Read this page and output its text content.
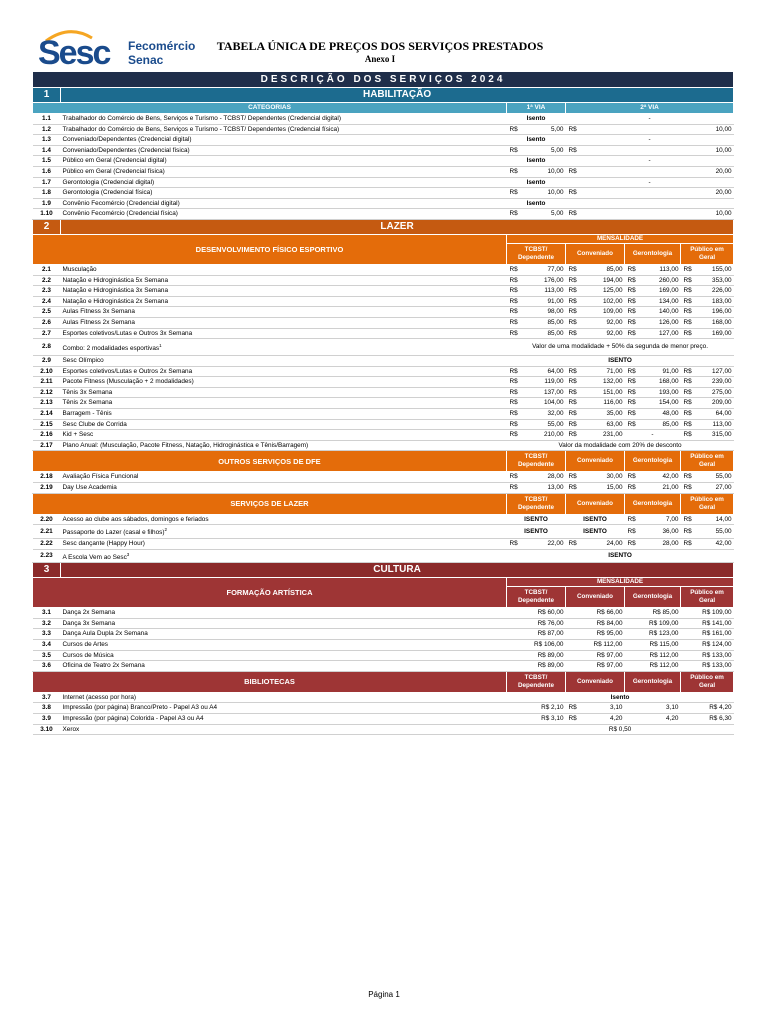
Sesc Fecomércio
Senac
TABELA ÚNICA DE PREÇOS DOS SERVIÇOS PRESTADOS
Anexo I
DESCRIÇÃO DOS SERVIÇOS 2024									
1	HABILITAÇÃO								
CATEGORIAS		1ª VIA		2ª VIA					
1.1	Trabalhador do Comércio de Bens, Serviços e Turismo - TCBST/ Dependentes (Credencial digital)	Isento		-					
1.2	Trabalhador do Comércio de Bens, Serviços e Turismo - TCBST/ Dependentes (Credencial física)	R$	5,00	R$	10,00				
1.3	Conveniado/Dependentes (Credencial digital)	Isento		-					
1.4	Conveniado/Dependentes (Credencial física)	R$	5,00	R$	10,00				
1.5	Público em Geral (Credencial digital)	Isento		-					
1.6	Público em Geral (Credencial física)	R$	10,00	R$	20,00				
1.7	Gerontologia (Credencial digital)	Isento		-					
1.8	Gerontologia (Credencial física)	R$	10,00	R$	20,00				
1.9	Convênio Fecomércio (Credencial digital)	Isento							
1.10	Convênio Fecomércio (Credencial física)	R$	5,00	R$	10,00				
2	LAZER								
DESENVOLVIMENTO FÍSICO ESPORTIVO		MENSALIDADE							
		TCBST/ Dependente		Conveniado		Gerontologia		Público em Geral	
2.1	Musculação	R$	77,00	R$	85,00	R$	113,00	R$	155,00
2.2	Natação e Hidroginástica 5x Semana	R$	176,00	R$	194,00	R$	260,00	R$	353,00
2.3	Natação e Hidroginástica 3x Semana	R$	113,00	R$	125,00	R$	169,00	R$	226,00
2.4	Natação e Hidroginástica 2x Semana	R$	91,00	R$	102,00	R$	134,00	R$	183,00
2.5	Aulas Fitness 3x Semana	R$	98,00	R$	109,00	R$	140,00	R$	196,00
2.6	Aulas Fitness 2x Semana	R$	85,00	R$	92,00	R$	126,00	R$	168,00
2.7	Esportes coletivos/Lutas e Outros 3x Semana	R$	85,00	R$	92,00	R$	127,00	R$	169,00
2.8	Combo: 2 modalidades esportivas$^1$	Valor de uma modalidade + 50% da segunda de menor preço.							
2.9	Sesc Olímpico	ISENTO							
2.10	Esportes coletivos/Lutas e Outros 2x Semana	R$	64,00	R$	71,00	R$	91,00	R$	127,00
2.11	Pacote Fitness (Musculação + 2 modalidades)	R$	119,00	R$	132,00	R$	168,00	R$	239,00
2.12	Tênis 3x Semana	R$	137,00	R$	151,00	R$	193,00	R$	275,00
2.13	Tênis 2x Semana	R$	104,00	R$	116,00	R$	154,00	R$	209,00
2.14	Barragem - Tênis	R$	32,00	R$	35,00	R$	48,00	R$	64,00
2.15	Sesc Clube de Corrida	R$	55,00	R$	63,00	R$	85,00	R$	113,00
2.16	Kid + Sesc	R$	210,00	R$	231,00	-		R$	315,00
2.17	Plano Anual: (Musculação, Pacote Fitness, Natação, Hidroginástica e Tênis/Barragem)	Valor da modalidade com 20% de desconto							
OUTROS SERVIÇOS DE DFE		TCBST/ Dependente		Conveniado		Gerontologia		Público em Geral	
2.18	Avaliação Física Funcional	R$	28,00	R$	30,00	R$	42,00	R$	55,00
2.19	Day Use Academia	R$	13,00	R$	15,00	R$	21,00	R$	27,00
SERVIÇOS DE LAZER		TCBST/ Dependente		Conveniado		Gerontologia		Público em Geral	
2.20	Acesso ao clube aos sábados, domingos e feriados	ISENTO		ISENTO		R$	7,00	R$	14,00
2.21	Passaporte do Lazer (casal e filhos)$^2$	ISENTO		ISENTO		R$	36,00	R$	55,00
2.22	Sesc dançante (Happy Hour)	R$	22,00	R$	24,00	R$	28,00	R$	42,00
2.23	A Escola Vem ao Sesc$^3$	ISENTO							
3	CULTURA								
FORMAÇÃO ARTÍSTICA		MENSALIDADE							
		TCBST/ Dependente		Conveniado		Gerontologia		Público em Geral	
3.1	Dança 2x Semana	R$ 60,00		R$ 66,00		R$ 85,00		R$ 109,00	
3.2	Dança 3x Semana	R$ 76,00		R$ 84,00		R$ 109,00		R$ 141,00	
3.3	Dança Aula Dupla 2x Semana	R$ 87,00		R$ 95,00		R$ 123,00		R$ 161,00	
3.4	Cursos de Artes	R$ 106,00		R$ 112,00		R$ 115,00		R$ 124,00	
3.5	Cursos de Música	R$ 89,00		R$ 97,00		R$ 112,00		R$ 133,00	
3.6	Oficina de Teatro 2x Semana	R$ 89,00		R$ 97,00		R$ 112,00		R$ 133,00	
BIBLIOTECAS		TCBST/ Dependente		Conveniado		Gerontologia		Público em Geral	
3.7	Internet (acesso por hora)	Isento							
3.8	Impressão (por página) Branco/Preto - Papel A3 ou A4	R$ 2,10		R$	3,10	3,10		R$ 4,20	
3.9	Impressão (por página) Colorida - Papel A3 ou A4	R$ 3,10		R$	4,20	4,20		R$ 6,30	
3.10	Xerox	R$ 0,50							
Página 1
